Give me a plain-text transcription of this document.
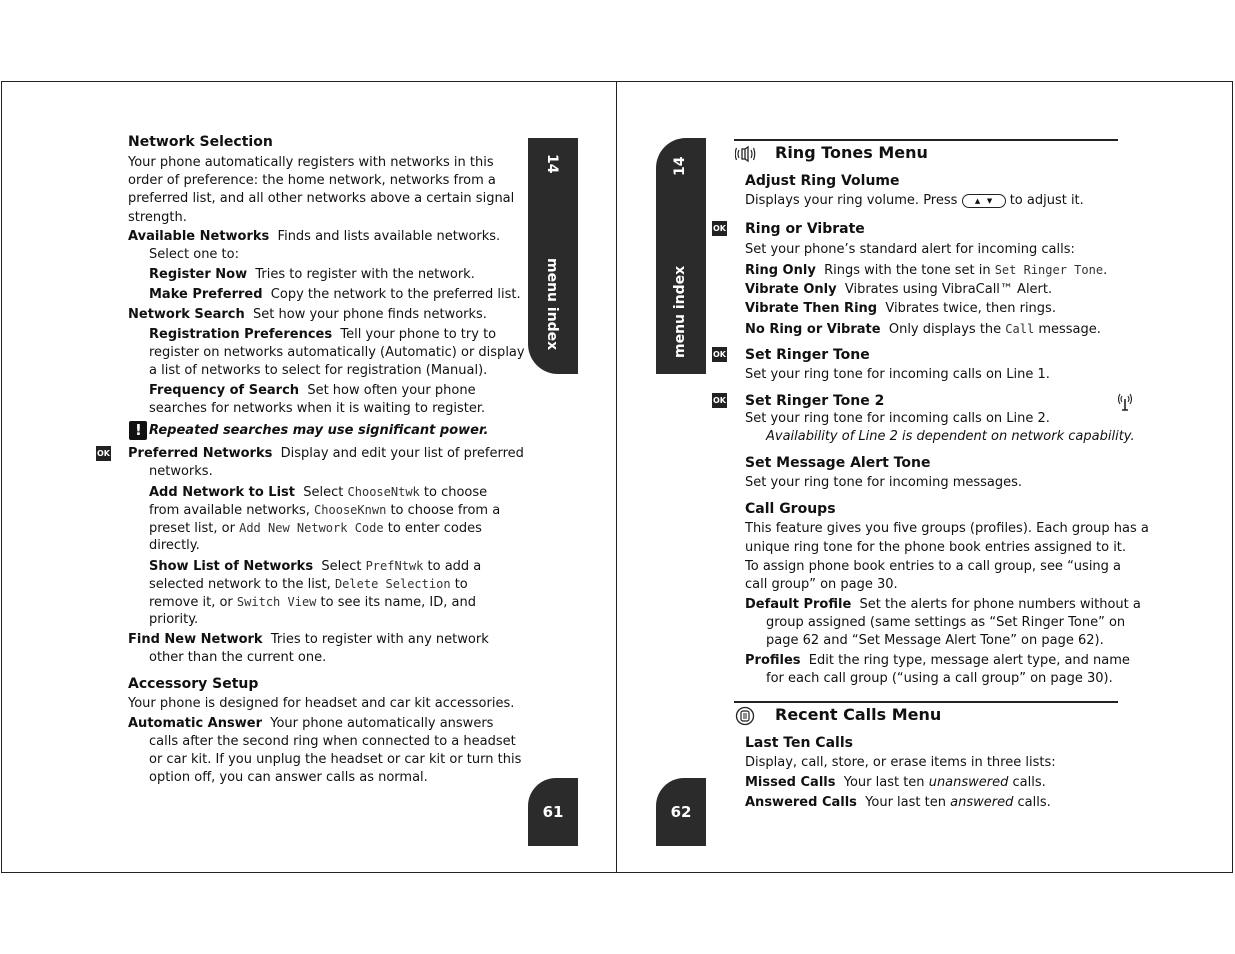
14
menu index
61
Network Selection
Your phone automatically registers with networks in this
order of preference: the home network, networks from a
preferred list, and all other networks above a certain signal
strength.
Available Networks Finds and lists available networks.
Select one to:
Register Now Tries to register with the network.
Make Preferred Copy the network to the preferred list.
Network Search Set how your phone finds networks.
Registration Preferences Tell your phone to try to
register on networks automatically (Automatic) or display
a list of networks to select for registration (Manual).
Frequency of Search Set how often your phone
searches for networks when it is waiting to register.
! Repeated searches may use significant power.
OK Preferred Networks Display and edit your list of preferred
networks.
Add Network to List Select ChooseNtwk to choose
from available networks, ChooseKnwn to choose from a
preset list, or Add New Network Code to enter codes
directly.
Show List of Networks Select PrefNtwk to add a
selected network to the list, Delete Selection to
remove it, or Switch View to see its name, ID, and
priority.
Find New Network Tries to register with any network
other than the current one.
Accessory Setup
Your phone is designed for headset and car kit accessories.
Automatic Answer Your phone automatically answers
calls after the second ring when connected to a headset
or car kit. If you unplug the headset or car kit or turn this
option off, you can answer calls as normal.
14
menu index
62
Ring Tones Menu
Adjust Ring Volume
Displays your ring volume. Press ▲   ▼ to adjust it.
OK Ring or Vibrate
Set your phone’s standard alert for incoming calls:
Ring Only Rings with the tone set in Set Ringer Tone.
Vibrate Only Vibrates using VibraCall™ Alert.
Vibrate Then Ring Vibrates twice, then rings.
No Ring or Vibrate Only displays the Call message.
OK Set Ringer Tone
Set your ring tone for incoming calls on Line 1.
OK Set Ringer Tone 2
Set your ring tone for incoming calls on Line 2.
Availability of Line 2 is dependent on network capability.
Set Message Alert Tone
Set your ring tone for incoming messages.
Call Groups
This feature gives you five groups (profiles). Each group has a
unique ring tone for the phone book entries assigned to it.
To assign phone book entries to a call group, see “using a
call group” on page 30.
Default Profile Set the alerts for phone numbers without a
group assigned (same settings as “Set Ringer Tone” on
page 62 and “Set Message Alert Tone” on page 62).
Profiles Edit the ring type, message alert type, and name
for each call group (“using a call group” on page 30).
Recent Calls Menu
Last Ten Calls
Display, call, store, or erase items in three lists:
Missed Calls Your last ten unanswered calls.
Answered Calls Your last ten answered calls.
